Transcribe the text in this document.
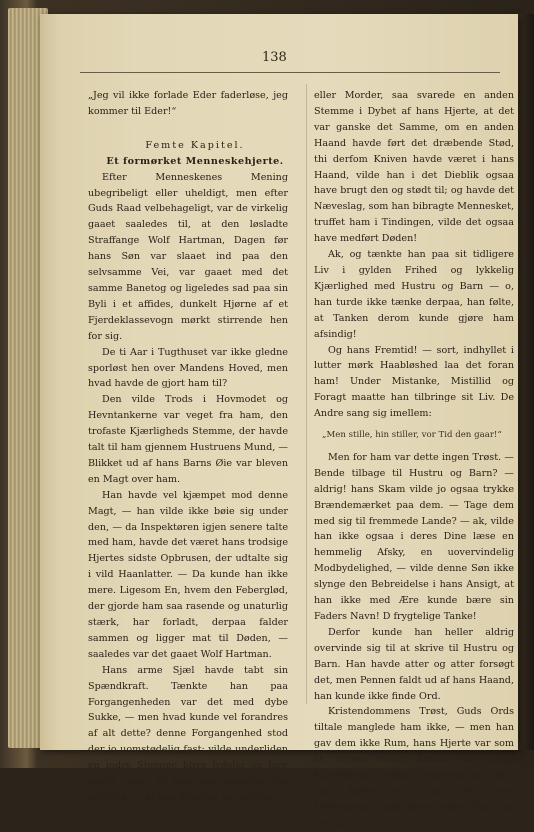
138

„Jeg vil ikke forlade Eder faderløse, jeg kommer til Eder!“

Femte Kapitel.

Et formørket Menneskehjerte.

Efter Menneskenes Mening ubegribeligt eller uheldigt, men efter Guds Raad velbehageligt, var de virkelig gaaet saaledes til, at den løsladte Straffange Wolf Hartman, Dagen før hans Søn var slaaet ind paa den selvsamme Vei, var gaaet med det samme Banetog og ligeledes sad paa sin Byli i et affides, dunkelt Hjørne af et Fjerdeklassevogn mørkt stirrende hen for sig.

De ti Aar i Tugthuset var ikke gledne sporløst hen over Mandens Hoved, men hvad havde de gjort ham til?

Den vilde Trods i Hovmodet og Hevntankerne var veget fra ham, den trofaste Kjærligheds Stemme, der havde talt til ham gjennem Hustruens Mund, — Blikket ud af hans Barns Øie var bleven en Magt over ham.

Han havde vel kjæmpet mod denne Magt, — han vilde ikke bøie sig under den, — da Inspektøren igjen senere talte med ham, havde det været hans trodsige Hjertes sidste Opbrusen, der udtalte sig i vild Haanlatter. — Da kunde han ikke mere. Ligesom En, hvem den Feberglød, der gjorde ham saa rasende og unaturlig stærk, har forladt, derpaa falder sammen og ligger mat til Døden, — saaledes var det gaaet Wolf Hartman.

Hans arme Sjæl havde tabt sin Spændkraft. Tænkte han paa Forgangenheden var det med dybe Sukke, — men hvad kunde vel forandres af alt dette? denne Forgangenhed stod der jo uomstødelig fast; vilde underliden en indre Stemme blive lydelig og fore sukke ham, at han dog egentlig var ustyldig, — at han hverken var en Tyv

eller Morder, saa svarede en anden Stemme i Dybet af hans Hjerte, at det var ganske det Samme, om en anden Haand havde ført det dræbende Stød, thi derfom Kniven havde været i hans Haand, vilde han i det Dieblik ogsaa have brugt den og stødt til; og havde det Næveslag, som han bibragte Mennesket, truffet ham i Tindingen, vilde det ogsaa have medført Døden!

Ak, og tænkte han paa sit tidligere Liv i gylden Frihed og lykkelig Kjærlighed med Hustru og Barn — o, han turde ikke tænke derpaa, han følte, at Tanken derom kunde gjøre ham afsindig!

Og hans Fremtid! — sort, indhyllet i lutter mørk Haabløshed laa det foran ham! Under Mistanke, Mistillid og Foragt maatte han tilbringe sit Liv. De Andre sang sig imellem:

„Men stille, hin stiller, vor Tid den gaar!“

Men for ham var dette ingen Trøst. — Bende tilbage til Hustru og Barn? — aldrig! hans Skam vilde jo ogsaa trykke Brændemærket paa dem. — Tage dem med sig til fremmede Lande? — ak, vilde han ikke ogsaa i deres Dine læse en hemmelig Afsky, en uovervindelig Modbydelighed, — vilde denne Søn ikke slynge den Bebreidelse i hans Ansigt, at han ikke med Ære kunde bære sin Faders Navn! D frygtelige Tanke!

Derfor kunde han heller aldrig overvinde sig til at skrive til Hustru og Barn. Han havde atter og atter forsøgt det, men Pennen faldt ud af hans Haand, han kunde ikke finde Ord.

Kristendommens Trøst, Guds Ords tiltale manglede ham ikke, — men han gav dem ikke Rum, hans Hjerte var som et Stykke vaadt Knusk, der evige Kjærligheds Funker antændte det ikke. Han hørte rolig paa Alt uden Modsigelse, men hans arme Sjæl laa endnu
